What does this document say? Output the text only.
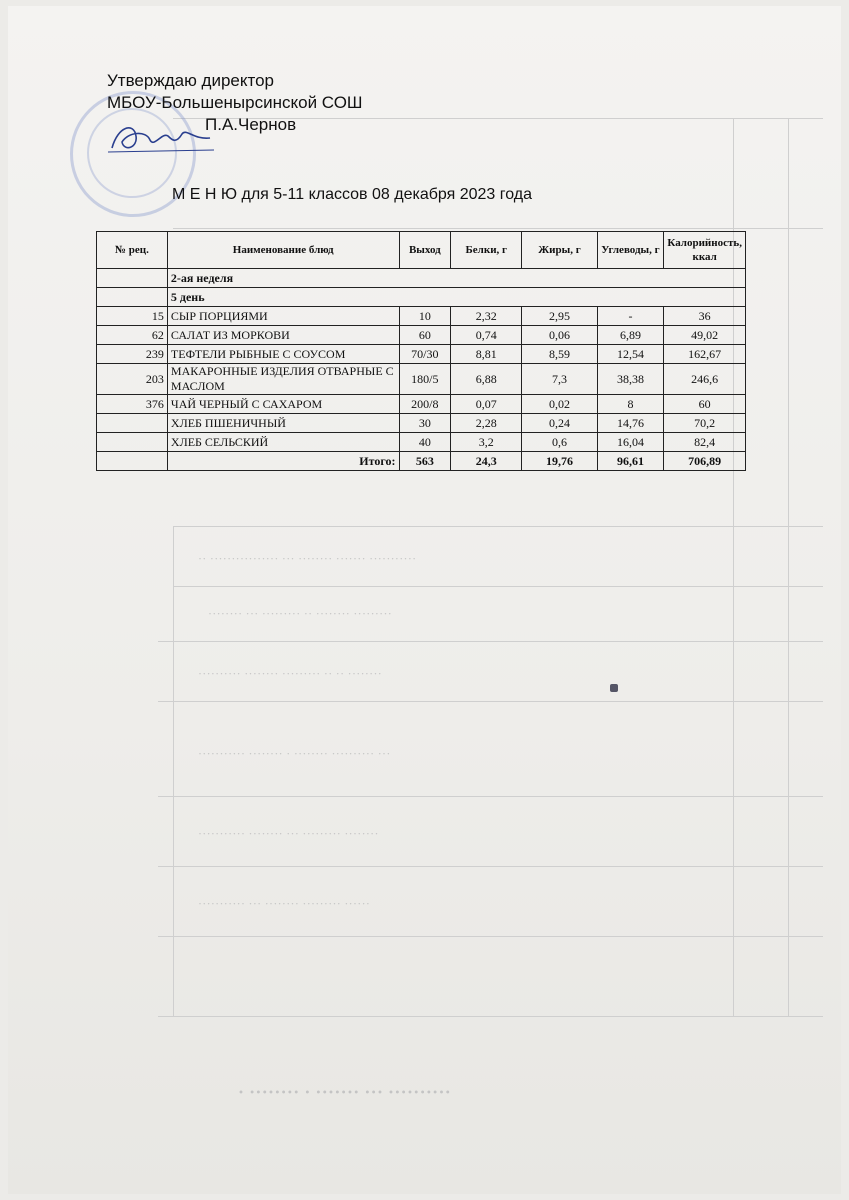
·· ················ ··· ········ ······· ···········
········ ··· ········· ·· ········ ·········
·········· ········ ········· ·· ·· ········
··········· ········ · ········ ·········· ···
··········· ········ ··· ········· ········
··········· ··· ········ ········· ······
· ········ · ······· ··· ··········
Утверждаю директор
МБОУ-Большенырсинской СОШ
П.А.Чернов
М Е Н Ю для 5-11 классов 08 декабря 2023 года
№ рец.	Наименование блюд	Выход	Белки, г	Жиры, г	Углеводы, г	Калорийность, ккал
	2-ая неделя					
	5 день					
15	СЫР ПОРЦИЯМИ	10	2,32	2,95	-	36
62	САЛАТ ИЗ МОРКОВИ	60	0,74	0,06	6,89	49,02
239	ТЕФТЕЛИ РЫБНЫЕ С СОУСОМ	70/30	8,81	8,59	12,54	162,67
203	МАКАРОННЫЕ ИЗДЕЛИЯ ОТВАРНЫЕ С МАСЛОМ	180/5	6,88	7,3	38,38	246,6
376	ЧАЙ ЧЕРНЫЙ С САХАРОМ	200/8	0,07	0,02	8	60
	ХЛЕБ ПШЕНИЧНЫЙ	30	2,28	0,24	14,76	70,2
	ХЛЕБ СЕЛЬСКИЙ	40	3,2	0,6	16,04	82,4
	Итого:	563	24,3	19,76	96,61	706,89
